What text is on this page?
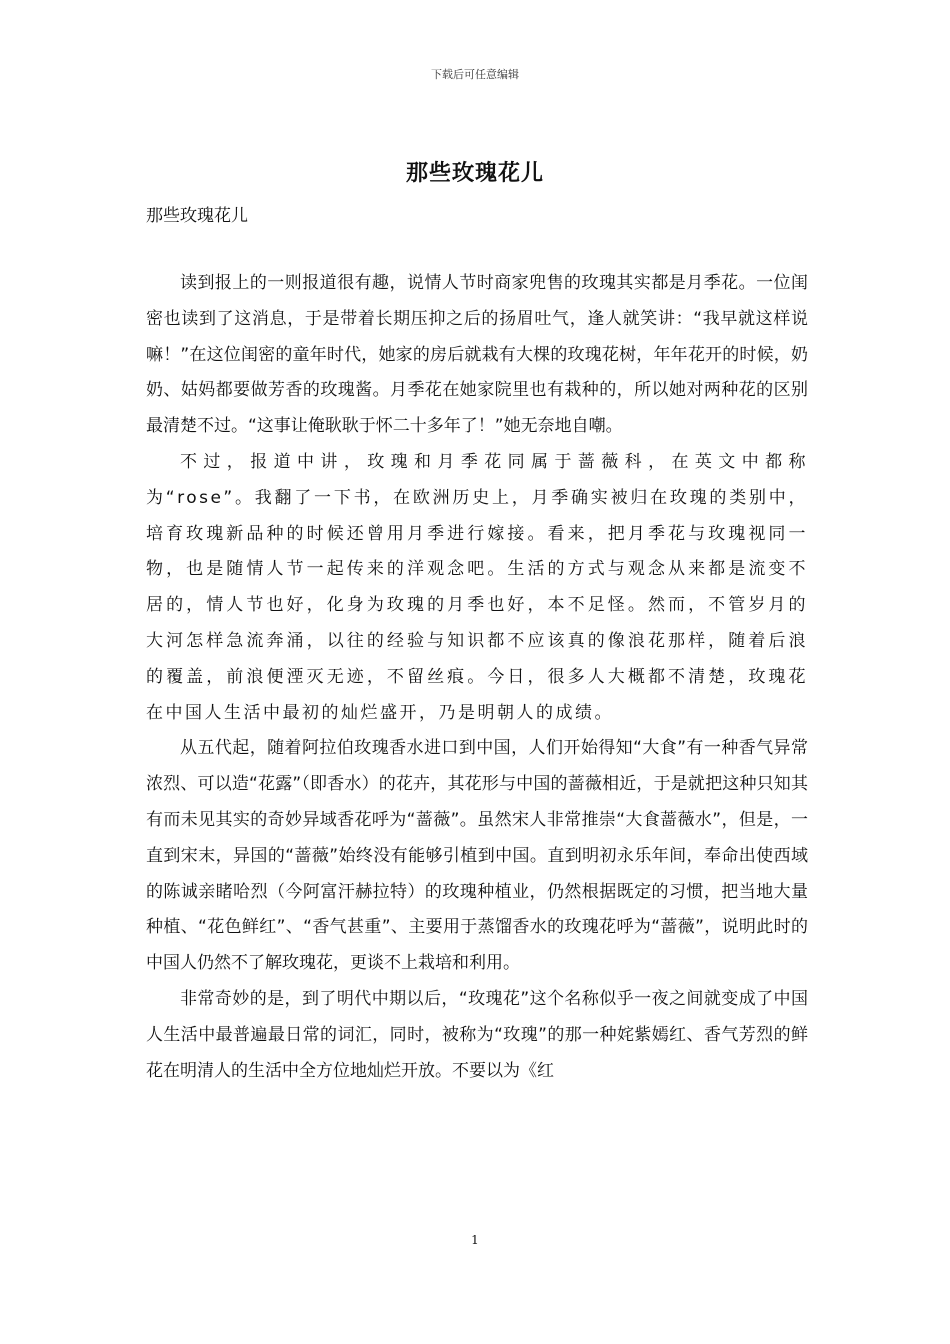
下载后可任意编辑
那些玫瑰花儿
那些玫瑰花儿

读到报上的一则报道很有趣，说情人节时商家兜售的玫瑰其实都是月季花。一位闺密也读到了这消息，于是带着长期压抑之后的扬眉吐气，逢人就笑讲：“我早就这样说嘛！”在这位闺密的童年时代，她家的房后就栽有大棵的玫瑰花树，年年花开的时候，奶奶、姑妈都要做芳香的玫瑰酱。月季花在她家院里也有栽种的，所以她对两种花的区别最清楚不过。“这事让俺耿耿于怀二十多年了！”她无奈地自嘲。

不过，报道中讲，玫瑰和月季花同属于蔷薇科，在英文中都称为“rose”。我翻了一下书，在欧洲历史上，月季确实被归在玫瑰的类别中，培育玫瑰新品种的时候还曾用月季进行嫁接。看来，把月季花与玫瑰视同一物，也是随情人节一起传来的洋观念吧。生活的方式与观念从来都是流变不居的，情人节也好，化身为玫瑰的月季也好，本不足怪。然而，不管岁月的大河怎样急流奔涌，以往的经验与知识都不应该真的像浪花那样，随着后浪的覆盖，前浪便湮灭无迹，不留丝痕。今日，很多人大概都不清楚，玫瑰花在中国人生活中最初的灿烂盛开，乃是明朝人的成绩。

从五代起，随着阿拉伯玫瑰香水进口到中国，人们开始得知“大食”有一种香气异常浓烈、可以造“花露”（即香水）的花卉，其花形与中国的蔷薇相近，于是就把这种只知其有而未见其实的奇妙异域香花呼为“蔷薇”。虽然宋人非常推崇“大食蔷薇水”，但是，一直到宋末，异国的“蔷薇”始终没有能够引植到中国。直到明初永乐年间，奉命出使西域的陈诚亲睹哈烈（今阿富汗赫拉特）的玫瑰种植业，仍然根据既定的习惯，把当地大量种植、“花色鲜红”、“香气甚重”、主要用于蒸馏香水的玫瑰花呼为“蔷薇”，说明此时的中国人仍然不了解玫瑰花，更谈不上栽培和利用。

非常奇妙的是，到了明代中期以后，“玫瑰花”这个名称似乎一夜之间就变成了中国人生活中最普遍最日常的词汇，同时，被称为“玫瑰”的那一种姹紫嫣红、香气芳烈的鲜花在明清人的生活中全方位地灿烂开放。不要以为《红

1
